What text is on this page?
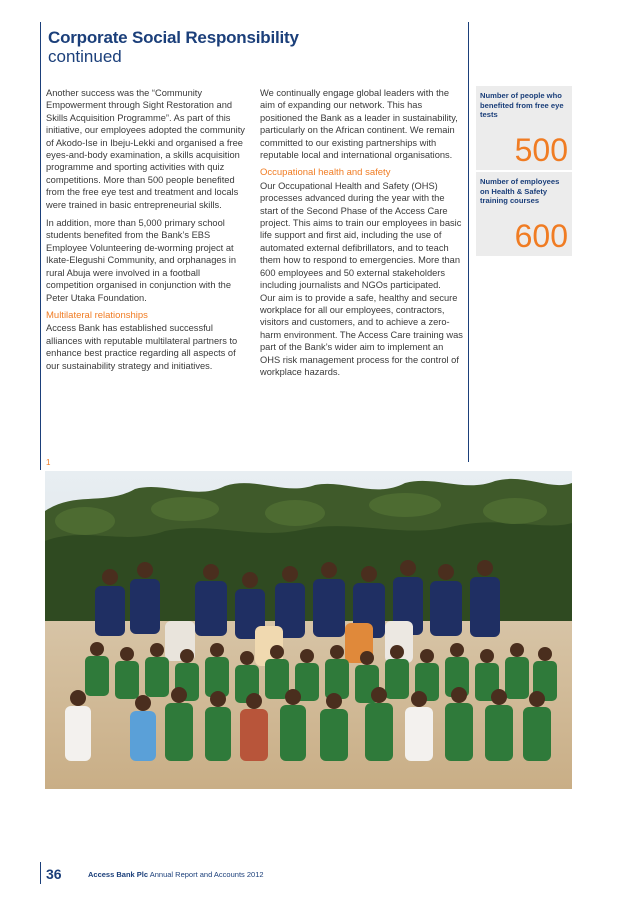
Corporate Social Responsibility
continued

Another success was the “Community Empowerment through Sight Restoration and Skills Acquisition Programme”. As part of this initiative, our employees adopted the community of Akodo-Ise in Ibeju-Lekki and organised a free eyes-and-body examination, a skills acquisition programme and sporting activities with quiz competitions. More than 500 people benefited from the free eye test and treatment and locals were trained in basic entrepreneurial skills.

In addition, more than 5,000 primary school students benefited from the Bank’s EBS Employee Volunteering de-worming project at Ikate-Elegushi Community, and orphanages in rural Abuja were involved in a football competition organised in conjunction with the Peter Utaka Foundation.

Multilateral relationships

Access Bank has established successful alliances with reputable multilateral partners to enhance best practice regarding all aspects of our sustainability strategy and initiatives.

We continually engage global leaders with the aim of expanding our network. This has positioned the Bank as a leader in sustainability, particularly on the African continent. We remain committed to our existing partnerships with reputable local and international organisations.

Occupational health and safety

Our Occupational Health and Safety (OHS) processes advanced during the year with the start of the Second Phase of the Access Care project. This aims to train our employees in basic life support and first aid, including the use of automated external defibrillators, and to teach them how to respond to emergencies. More than 600 employees and 50 external stakeholders including journalists and NGOs participated.

Our aim is to provide a safe, healthy and secure workplace for all our employees, contractors, visitors and customers, and to achieve a zero-harm environment. The Access Care training was part of the Bank’s wider aim to implement an OHS risk management process for the control of workplace hazards.

Number of people who benefited from free eye tests
500
Number of employees on Health & Safety training courses
600
1
36	Access Bank Plc Annual Report and Accounts 2012
